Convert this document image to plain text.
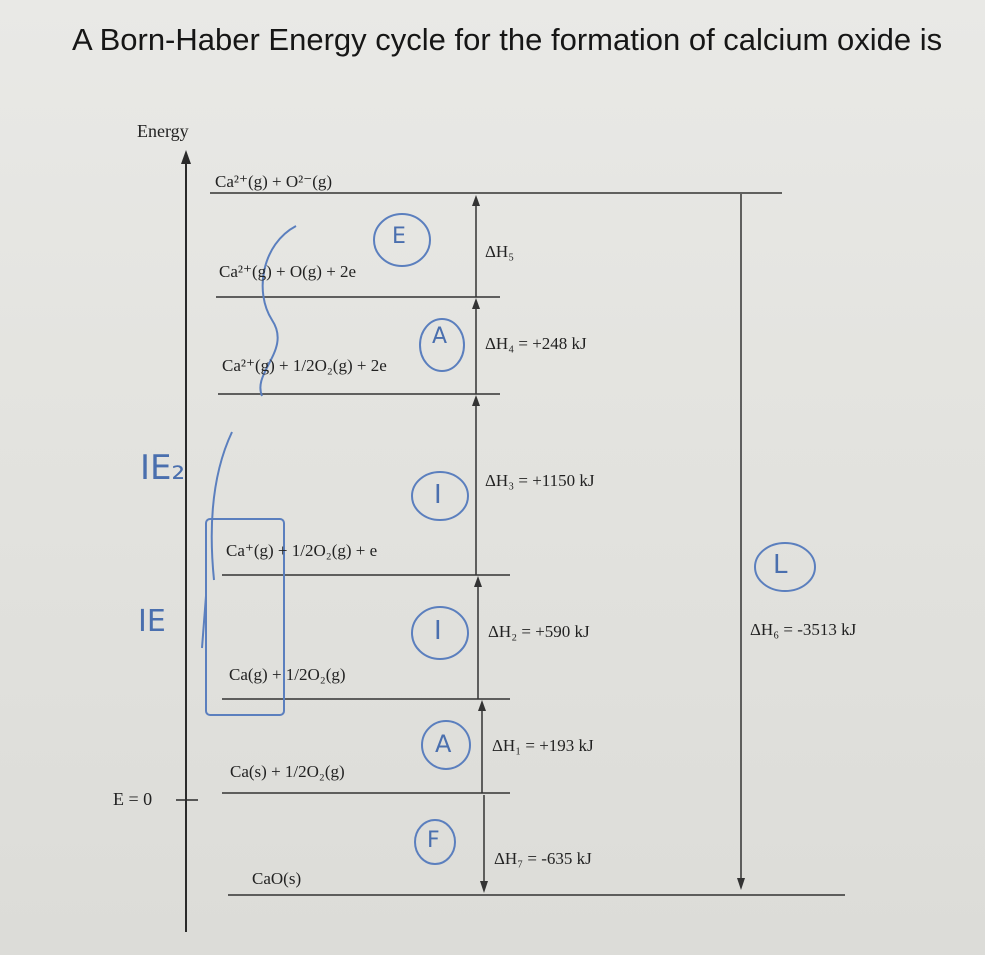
A Born-Haber Energy cycle for the formation of calcium oxide is
Energy
E = 0
Ca²⁺(g) + O²⁻(g)
Ca²⁺(g) + O(g) + 2e
Ca²⁺(g) + 1/2O₂(g) + 2e
Ca⁺(g) + 1/2O₂(g) + e
Ca(g) + 1/2O₂(g)
Ca(s) + 1/2O₂(g)
CaO(s)
ΔH₅
ΔH₄ = +248 kJ
ΔH₃ = +1150 kJ
ΔH₂ = +590 kJ
ΔH₁ = +193 kJ
ΔH₇ = -635 kJ
ΔH₆ = -3513 kJ
E
A
I
I
A
F
L
IE₂
IE
